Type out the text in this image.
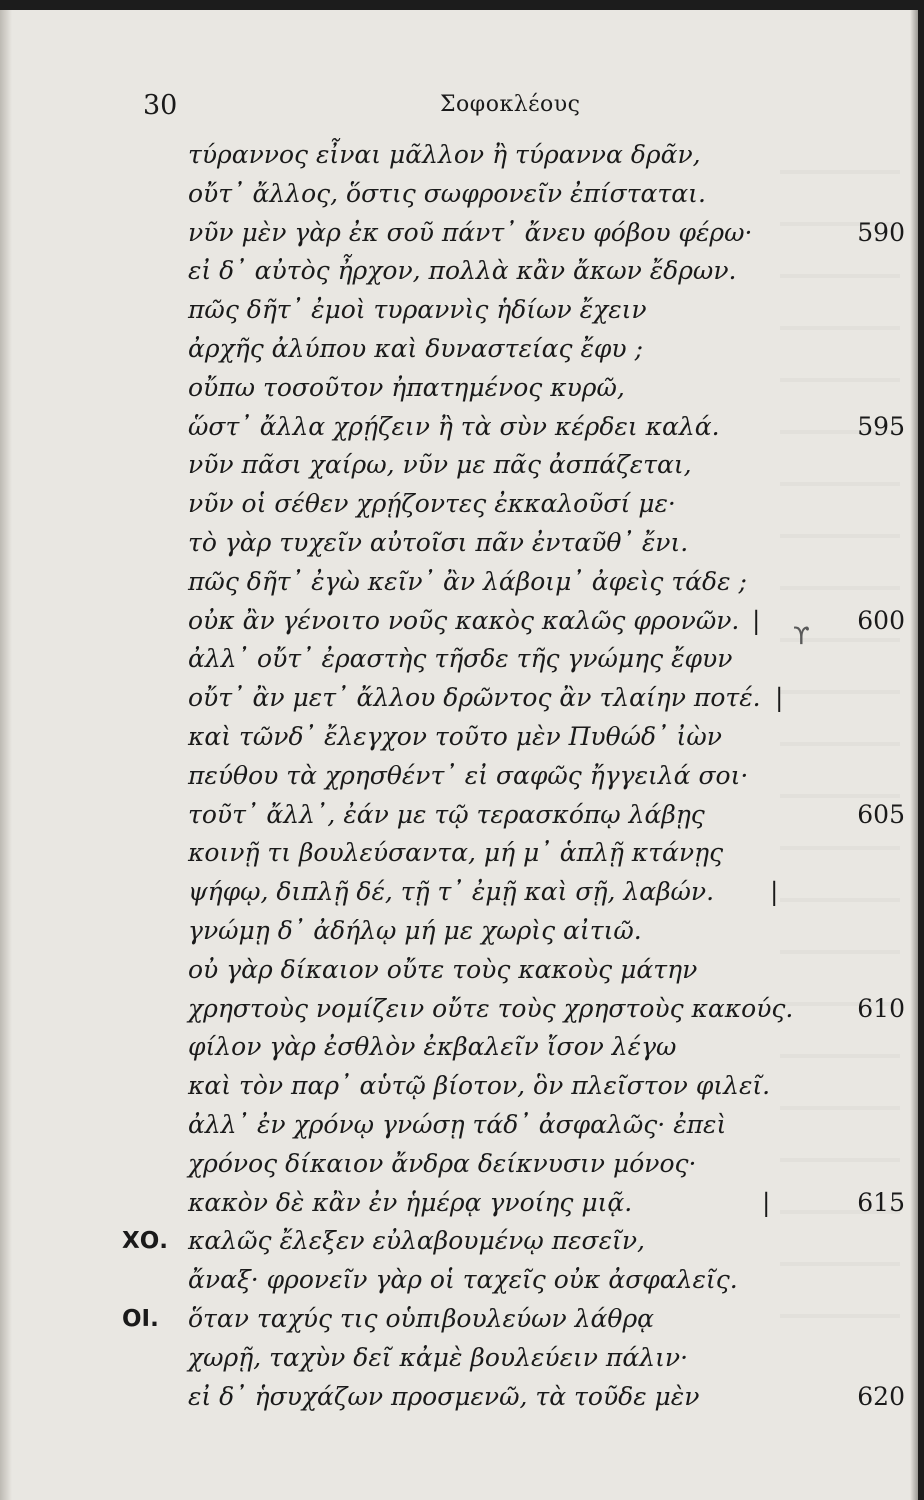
30	Σοφοκλέους
τύραννος εἶναι μᾶλλον ἢ τύραννα δρᾶν,
οὔτ᾽ ἄλλος, ὅστις σωφρονεῖν ἐπίσταται.
νῦν μὲν γὰρ ἐκ σοῦ πάντ᾽ ἄνευ φόβου φέρω·	590
εἰ δ᾽ αὐτὸς ἦρχον, πολλὰ κἂν ἄκων ἔδρων.
πῶς δῆτ᾽ ἐμοὶ τυραννὶς ἡδίων ἔχειν
ἀρχῆς ἀλύπου καὶ δυναστείας ἔφυ ;
οὔπω τοσοῦτον ἠπατημένος κυρῶ,
ὥστ᾽ ἄλλα χρῄζειν ἢ τὰ σὺν κέρδει καλά.	595
νῦν πᾶσι χαίρω, νῦν με πᾶς ἀσπάζεται,
νῦν οἱ σέθεν χρῄζοντες ἐκκαλοῦσί με·
τὸ γὰρ τυχεῖν αὐτοῖσι πᾶν ἐνταῦθ᾽ ἔνι.
πῶς δῆτ᾽ ἐγὼ κεῖν᾽ ἂν λάβοιμ᾽ ἀφεὶς τάδε ;
οὐκ ἂν γένοιτο νοῦς κακὸς καλῶς φρονῶν. |	600
ἀλλ᾽ οὔτ᾽ ἐραστὴς τῆσδε τῆς γνώμης ἔφυν
οὔτ᾽ ἂν μετ᾽ ἄλλου δρῶντος ἂν τλαίην ποτέ. |
καὶ τῶνδ᾽ ἔλεγχον τοῦτο μὲν Πυθώδ᾽ ἰὼν
πεύθου τὰ χρησθέντ᾽ εἰ σαφῶς ἤγγειλά σοι·
τοῦτ᾽ ἄλλ᾽, ἐάν με τῷ τερασκόπῳ λάβῃς	605
κοινῇ τι βουλεύσαντα, μή μ᾽ ἁπλῇ κτάνῃς
ψήφῳ, διπλῇ δέ, τῇ τ᾽ ἐμῇ καὶ σῇ, λαβών. |
γνώμῃ δ᾽ ἀδήλῳ μή με χωρὶς αἰτιῶ.
οὐ γὰρ δίκαιον οὔτε τοὺς κακοὺς μάτην
χρηστοὺς νομίζειν οὔτε τοὺς χρηστοὺς κακούς.	610
φίλον γὰρ ἐσθλὸν ἐκβαλεῖν ἴσον λέγω
καὶ τὸν παρ᾽ αὑτῷ βίοτον, ὃν πλεῖστον φιλεῖ.
ἀλλ᾽ ἐν χρόνῳ γνώσῃ τάδ᾽ ἀσφαλῶς· ἐπεὶ
χρόνος δίκαιον ἄνδρα δείκνυσιν μόνος·
κακὸν δὲ κἂν ἐν ἡμέρᾳ γνοίης μιᾷ.	|	615
ΧΟ. καλῶς ἔλεξεν εὐλαβουμένῳ πεσεῖν,
ἄναξ· φρονεῖν γὰρ οἱ ταχεῖς οὐκ ἀσφαλεῖς.
ΟΙ. ὅταν ταχύς τις οὑπιβουλεύων λάθρᾳ
χωρῇ, ταχὺν δεῖ κἀμὲ βουλεύειν πάλιν·
εἰ δ᾽ ἡσυχάζων προσμενῶ, τὰ τοῦδε μὲν	620
ϒ
